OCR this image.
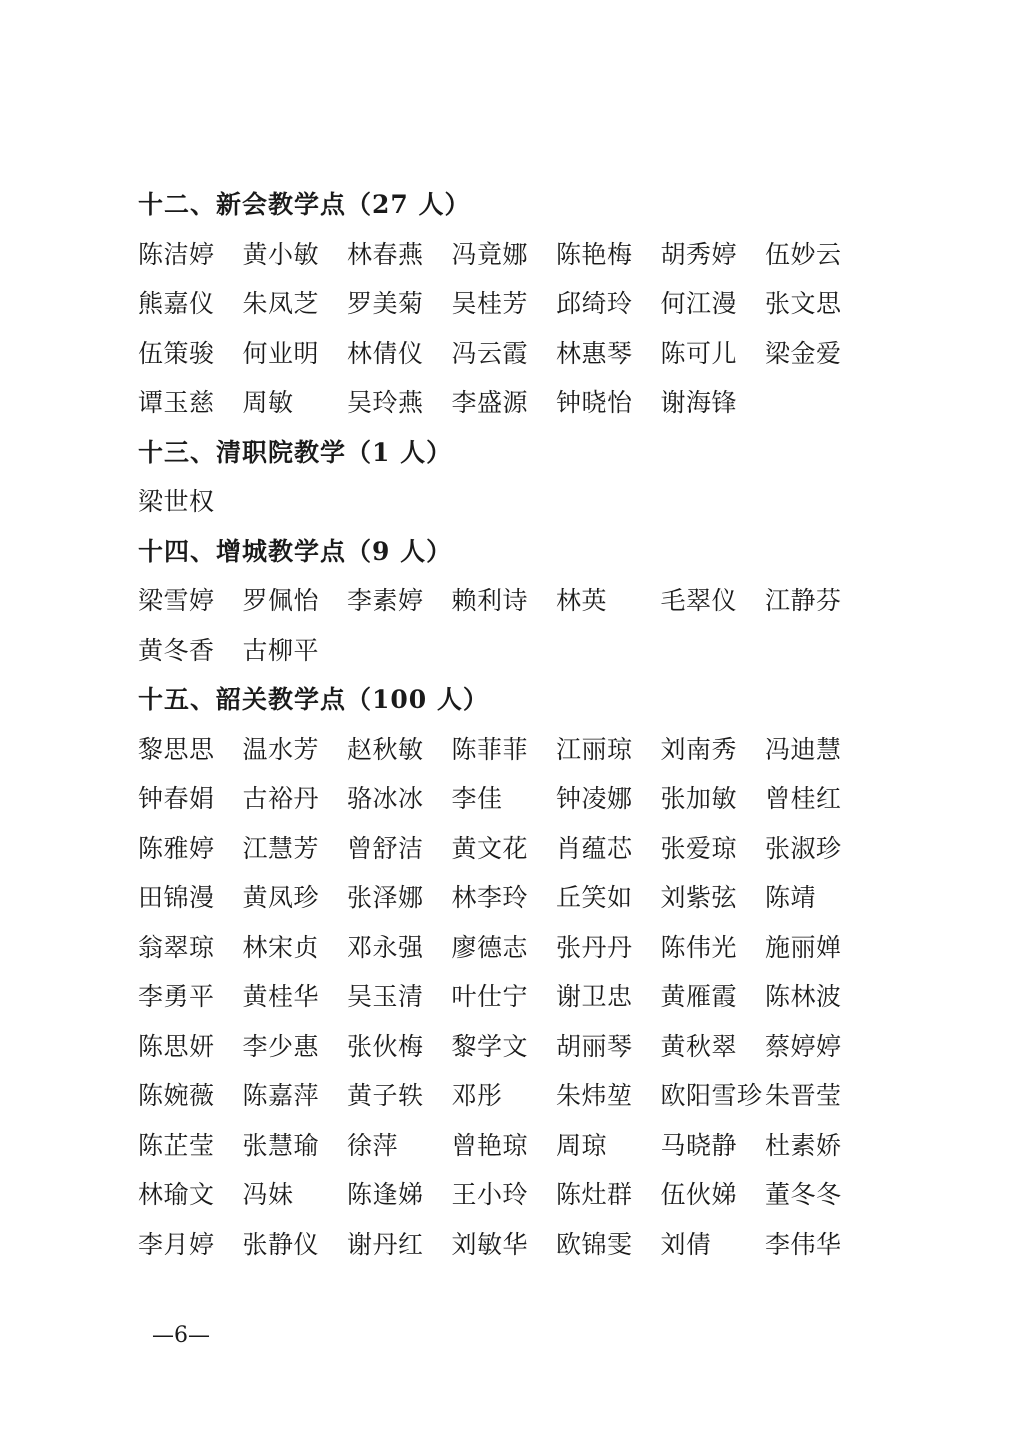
十二、新会教学点（27 人）
陈洁婷	黄小敏	林春燕	冯竟娜	陈艳梅	胡秀婷	伍妙云
熊嘉仪	朱凤芝	罗美菊	吴桂芳	邱绮玲	何江漫	张文思
伍策骏	何业明	林倩仪	冯云霞	林惠琴	陈可儿	梁金爱
谭玉慈	周敏	吴玲燕	李盛源	钟晓怡	谢海锋
十三、清职院教学（1 人）
梁世权
十四、增城教学点（9 人）
梁雪婷	罗佩怡	李素婷	赖利诗	林英	毛翠仪	江静芬
黄冬香	古柳平
十五、韶关教学点（100 人）
黎思思	温水芳	赵秋敏	陈菲菲	江丽琼	刘南秀	冯迪慧
钟春娟	古裕丹	骆冰冰	李佳	钟凌娜	张加敏	曾桂红
陈雅婷	江慧芳	曾舒洁	黄文花	肖蕴芯	张爱琼	张淑珍
田锦漫	黄凤珍	张泽娜	林李玲	丘笑如	刘紫弦	陈靖
翁翠琼	林宋贞	邓永强	廖德志	张丹丹	陈伟光	施丽婵
李勇平	黄桂华	吴玉清	叶仕宁	谢卫忠	黄雁霞	陈林波
陈思妍	李少惠	张伙梅	黎学文	胡丽琴	黄秋翠	蔡婷婷
陈婉薇	陈嘉萍	黄子轶	邓彤	朱炜堃	欧阳雪珍 朱晋莹
陈芷莹	张慧瑜	徐萍	曾艳琼	周琼	马晓静	杜素娇
林瑜文	冯妹	陈逢娣	王小玲	陈灶群	伍伙娣	董冬冬
李月婷	张静仪	谢丹红	刘敏华	欧锦雯	刘倩	李伟华
—6—
